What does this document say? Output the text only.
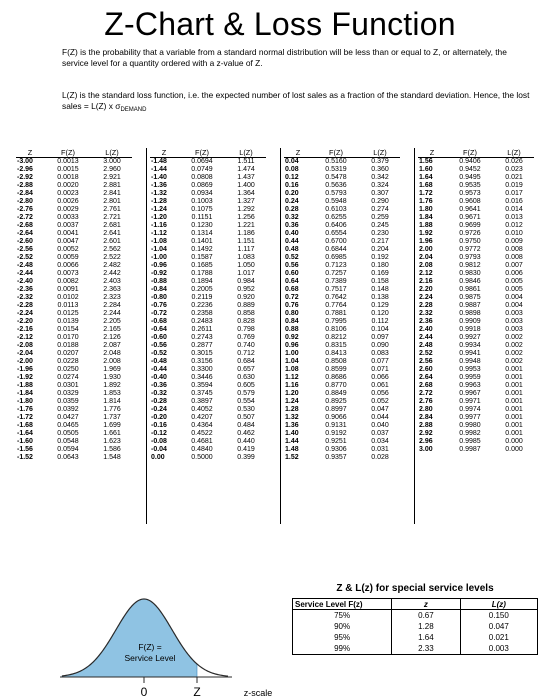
Z-Chart & Loss Function
F(Z) is the probability that a variable from a standard normal distribution will be less than or equal to Z, or alternately, the service level for a quantity ordered with a z-value of Z.
L(Z) is the standard loss function, i.e. the expected number of lost sales as a fraction of the standard deviation. Hence, the lost sales = L(Z) x $\sigma_{DEMAND}$
Z	F(Z)	L(Z)
-3.00	0.0013	3.000
-2.96	0.0015	2.960
-2.92	0.0018	2.921
-2.88	0.0020	2.881
-2.84	0.0023	2.841
-2.80	0.0026	2.801
-2.76	0.0029	2.761
-2.72	0.0033	2.721
-2.68	0.0037	2.681
-2.64	0.0041	2.641
-2.60	0.0047	2.601
-2.56	0.0052	2.562
-2.52	0.0059	2.522
-2.48	0.0066	2.482
-2.44	0.0073	2.442
-2.40	0.0082	2.403
-2.36	0.0091	2.363
-2.32	0.0102	2.323
-2.28	0.0113	2.284
-2.24	0.0125	2.244
-2.20	0.0139	2.205
-2.16	0.0154	2.165
-2.12	0.0170	2.126
-2.08	0.0188	2.087
-2.04	0.0207	2.048
-2.00	0.0228	2.008
-1.96	0.0250	1.969
-1.92	0.0274	1.930
-1.88	0.0301	1.892
-1.84	0.0329	1.853
-1.80	0.0359	1.814
-1.76	0.0392	1.776
-1.72	0.0427	1.737
-1.68	0.0465	1.699
-1.64	0.0505	1.661
-1.60	0.0548	1.623
-1.56	0.0594	1.586
-1.52	0.0643	1.548
Z	F(Z)	L(Z)
-1.48	0.0694	1.511
-1.44	0.0749	1.474
-1.40	0.0808	1.437
-1.36	0.0869	1.400
-1.32	0.0934	1.364
-1.28	0.1003	1.327
-1.24	0.1075	1.292
-1.20	0.1151	1.256
-1.16	0.1230	1.221
-1.12	0.1314	1.186
-1.08	0.1401	1.151
-1.04	0.1492	1.117
-1.00	0.1587	1.083
-0.96	0.1685	1.050
-0.92	0.1788	1.017
-0.88	0.1894	0.984
-0.84	0.2005	0.952
-0.80	0.2119	0.920
-0.76	0.2236	0.889
-0.72	0.2358	0.858
-0.68	0.2483	0.828
-0.64	0.2611	0.798
-0.60	0.2743	0.769
-0.56	0.2877	0.740
-0.52	0.3015	0.712
-0.48	0.3156	0.684
-0.44	0.3300	0.657
-0.40	0.3446	0.630
-0.36	0.3594	0.605
-0.32	0.3745	0.579
-0.28	0.3897	0.554
-0.24	0.4052	0.530
-0.20	0.4207	0.507
-0.16	0.4364	0.484
-0.12	0.4522	0.462
-0.08	0.4681	0.440
-0.04	0.4840	0.419
0.00	0.5000	0.399
Z	F(Z)	L(Z)
0.04	0.5160	0.379
0.08	0.5319	0.360
0.12	0.5478	0.342
0.16	0.5636	0.324
0.20	0.5793	0.307
0.24	0.5948	0.290
0.28	0.6103	0.274
0.32	0.6255	0.259
0.36	0.6406	0.245
0.40	0.6554	0.230
0.44	0.6700	0.217
0.48	0.6844	0.204
0.52	0.6985	0.192
0.56	0.7123	0.180
0.60	0.7257	0.169
0.64	0.7389	0.158
0.68	0.7517	0.148
0.72	0.7642	0.138
0.76	0.7764	0.129
0.80	0.7881	0.120
0.84	0.7995	0.112
0.88	0.8106	0.104
0.92	0.8212	0.097
0.96	0.8315	0.090
1.00	0.8413	0.083
1.04	0.8508	0.077
1.08	0.8599	0.071
1.12	0.8686	0.066
1.16	0.8770	0.061
1.20	0.8849	0.056
1.24	0.8925	0.052
1.28	0.8997	0.047
1.32	0.9066	0.044
1.36	0.9131	0.040
1.40	0.9192	0.037
1.44	0.9251	0.034
1.48	0.9306	0.031
1.52	0.9357	0.028
Z	F(Z)	L(Z)
1.56	0.9406	0.026
1.60	0.9452	0.023
1.64	0.9495	0.021
1.68	0.9535	0.019
1.72	0.9573	0.017
1.76	0.9608	0.016
1.80	0.9641	0.014
1.84	0.9671	0.013
1.88	0.9699	0.012
1.92	0.9726	0.010
1.96	0.9750	0.009
2.00	0.9772	0.008
2.04	0.9793	0.008
2.08	0.9812	0.007
2.12	0.9830	0.006
2.16	0.9846	0.005
2.20	0.9861	0.005
2.24	0.9875	0.004
2.28	0.9887	0.004
2.32	0.9898	0.003
2.36	0.9909	0.003
2.40	0.9918	0.003
2.44	0.9927	0.002
2.48	0.9934	0.002
2.52	0.9941	0.002
2.56	0.9948	0.002
2.60	0.9953	0.001
2.64	0.9959	0.001
2.68	0.9963	0.001
2.72	0.9967	0.001
2.76	0.9971	0.001
2.80	0.9974	0.001
2.84	0.9977	0.001
2.88	0.9980	0.001
2.92	0.9982	0.001
2.96	0.9985	0.000
3.00	0.9987	0.000
Z & L(z) for special service levels
Service Level F(z)	z	L(z)
75%	0.67	0.150
90%	1.28	0.047
95%	1.64	0.021
99%	2.33	0.003
F(Z) =
Service Level
0	Z	z-scale
